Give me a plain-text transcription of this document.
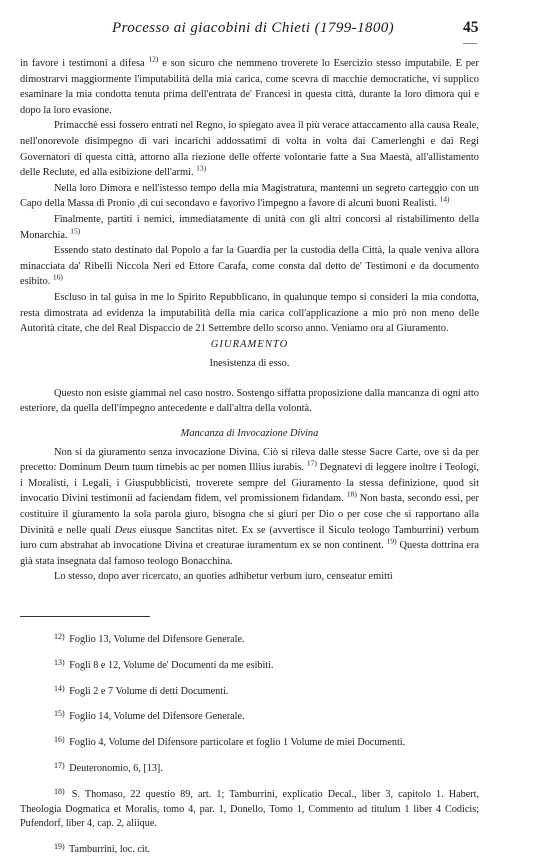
Processo ai giacobini di Chieti (1799-1800)	45

in favore i testimoni a difesa $^{12)}$ e son sicuro che nemmeno troverete lo Esercizio stesso imputabile. E per dimostrarvi maggiormente l'imputabilità della mia carica, come scevra di macchie democratiche, vi supplico esaminare la mia condotta tenuta prima dell'entrata de' Francesi in questa città, durante la loro dimora qui e dopo la loro evasione.

Primacchè essi fossero entrati nel Regno, io spiegato avea il più verace attaccamento alla causa Reale, nell'onorevole disimpegno di vari incarichi addossatimi di volta in volta dai Camerlenghi e dai Regi Governatori di questa città, attorno alla riezione delle offerte volontarie fatte a Sua Maestà, all'allistamento delle Reclute, ed alla esibizione dell'armi. $^{13)}$

Nella loro Dimora e nell'istesso tempo della mia Magistratura, mantenni un segreto carteggio con un Capo della Massa di Pronio ,di cui secondavo e favorivo l'impegno a favore di alcuni buoni Realisti. $^{14)}$

Finalmente, partiti i nemici, immediatamente di unità con gli altri concorsi al ristabilimento della Monarchia. $^{15)}$

Essendo stato destinato dal Popolo a far la Guardia per la custodia della Città, la quale veniva allora minacciata da' Ribelli Niccola Neri ed Ettore Carafa, come consta dal detto de' Testimoni e da documento esibito. $^{16)}$

Escluso in tal guisa in me lo Spirito Repubblicano, in qualunque tempo si consideri la mia condotta, resta dimostrata ad evidenza la imputabilità della mia carica coll'applicazione a mio prò non meno delle Autorità citate, che del Real Dispaccio de 21 Settembre dello scorso anno. Veniamo ora al Giuramento.

GIURAMENTO

Inesistenza di esso.

Questo non esiste giammai nel caso nostro. Sostengo siffatta proposizione dalla mancanza di ogni atto esteriore, da quella dell'impegno antecedente e dall'altra della volontà.

Mancanza di Invocazione Divina

Non si da giuramento senza invocazione Divina. Ciò si rileva dalle stesse Sacre Carte, ove si da per precetto: Dominum Deum tuum timebis ac per nomen Illius iurabis. $^{17)}$ Degnatevi di leggere inoltre i Teologi, i Moralisti, i Legali, i Giuspubblicisti, troverete sempre del Giuramento la stessa definizione, quod sit invocatio Divini testimonii ad faciendam fidem, vel promissionem fidandam. $^{18)}$ Non basta, secondo essi, per costituire il giuramento la sola parola giuro, bisogna che si giuri per Dio o per cose che si rapportano alla Divinità e nelle quali Deus eiusque Sanctitas nitet. Ex se (avvertisce il Siculo teologo Tamburrini) verbum iuro cum abstrahat ab invocatione Divina et creaturae iuramentum ex se non continent. $^{19)}$ Questa dottrina era già stata insegnata dal famoso teologo Bonacchina.

Lo stesso, dopo aver ricercato, an quoties adhibetur verbum iuro, censeatur emitti

$^{12)}$ Foglio 13, Volume del Difensore Generale.

$^{13)}$ Fogli 8 e 12, Volume de' Documenti da me esibiti.

$^{14)}$ Fogli 2 e 7 Volume di detti Documenti.

$^{15)}$ Foglio 14, Volume del Difensore Generale.

$^{16)}$ Foglio 4, Volume del Difensore particolare et foglio 1 Volume de miei Documenti.

$^{17)}$ Deuteronomio, 6, [13].

$^{18)}$ S. Thomaso, 22 questio 89, art. 1; Tamburrini, explicatio Decal., liber 3, capitolo 1. Habert, Theologia Dogmatica et Moralis, tomo 4, par. 1, Donello, Tomo 1, Commento ad titulum 1 liber 4 Codicis; Pufendorf, liber 4, cap. 2, aliique.

$^{19)}$ Tamburrini, loc. cit.
